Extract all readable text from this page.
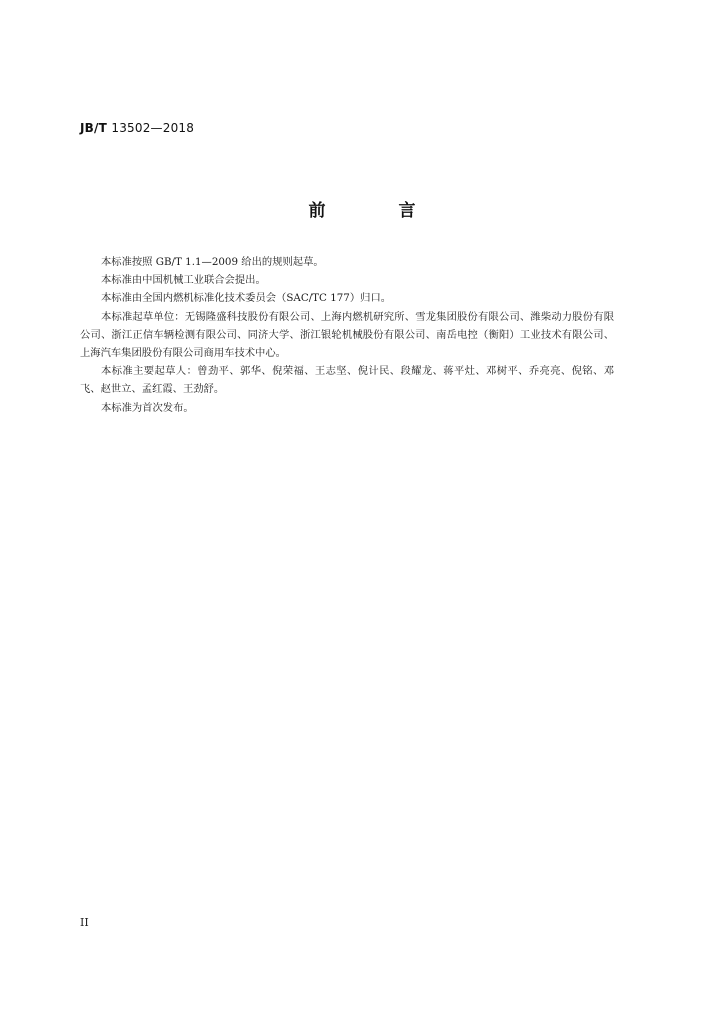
JB/T 13502—2018
前　言

本标准按照 GB/T 1.1—2009 给出的规则起草。

本标准由中国机械工业联合会提出。

本标准由全国内燃机标准化技术委员会（SAC/TC 177）归口。

本标准起草单位：无锡隆盛科技股份有限公司、上海内燃机研究所、雪龙集团股份有限公司、潍柴动力股份有限公司、浙江正信车辆检测有限公司、同济大学、浙江银轮机械股份有限公司、南岳电控（衡阳）工业技术有限公司、上海汽车集团股份有限公司商用车技术中心。

本标准主要起草人：曾劲平、郭华、倪荣福、王志坚、倪计民、段耀龙、蒋平灶、邓树平、乔亮亮、倪铭、邓飞、赵世立、孟红霞、王劲舒。

本标准为首次发布。

II
